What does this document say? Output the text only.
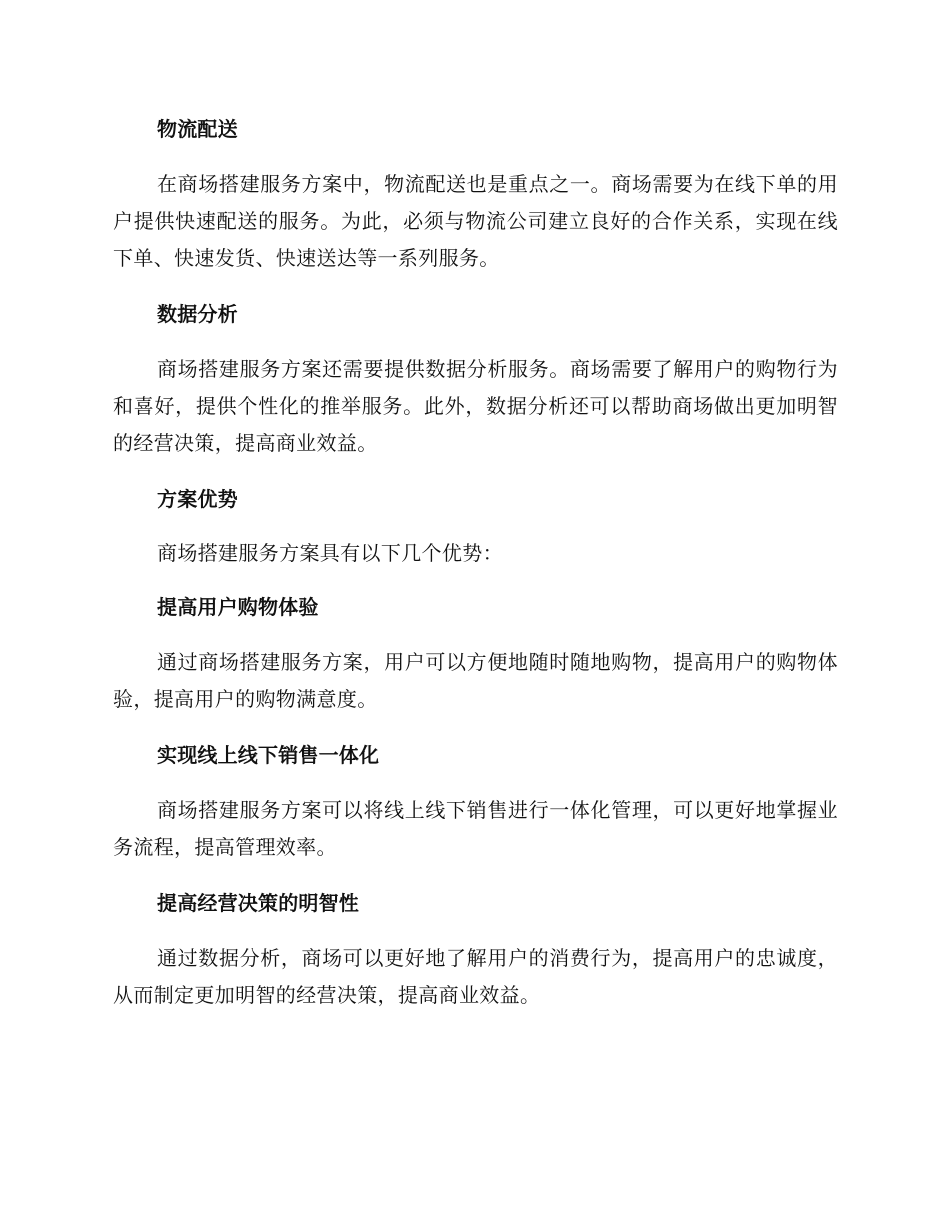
物流配送

在商场搭建服务方案中，物流配送也是重点之一。商场需要为在线下单的用户提供快速配送的服务。为此，必须与物流公司建立良好的合作关系，实现在线下单、快速发货、快速送达等一系列服务。

数据分析

商场搭建服务方案还需要提供数据分析服务。商场需要了解用户的购物行为和喜好，提供个性化的推举服务。此外，数据分析还可以帮助商场做出更加明智的经营决策，提高商业效益。

方案优势

商场搭建服务方案具有以下几个优势：

提高用户购物体验

通过商场搭建服务方案，用户可以方便地随时随地购物，提高用户的购物体验，提高用户的购物满意度。

实现线上线下销售一体化

商场搭建服务方案可以将线上线下销售进行一体化管理，可以更好地掌握业务流程，提高管理效率。

提高经营决策的明智性

通过数据分析，商场可以更好地了解用户的消费行为，提高用户的忠诚度，从而制定更加明智的经营决策，提高商业效益。
